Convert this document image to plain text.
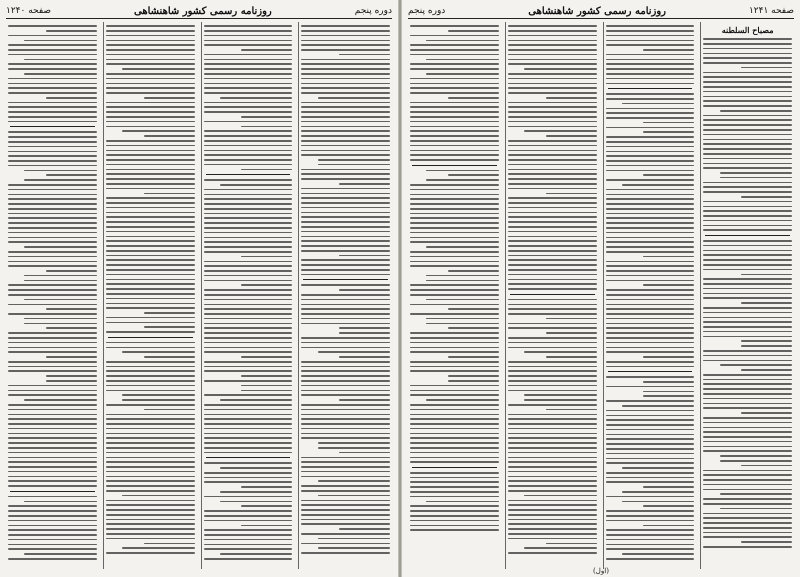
دوره پنجم
روزنامه رسمی کشور شاهنشاهی
صفحه ۱۲۴۰	صفحه ۱۲۴۱
روزنامه رسمی کشور شاهنشاهی
دوره پنجم
مصباح السلطنه
(اول)
